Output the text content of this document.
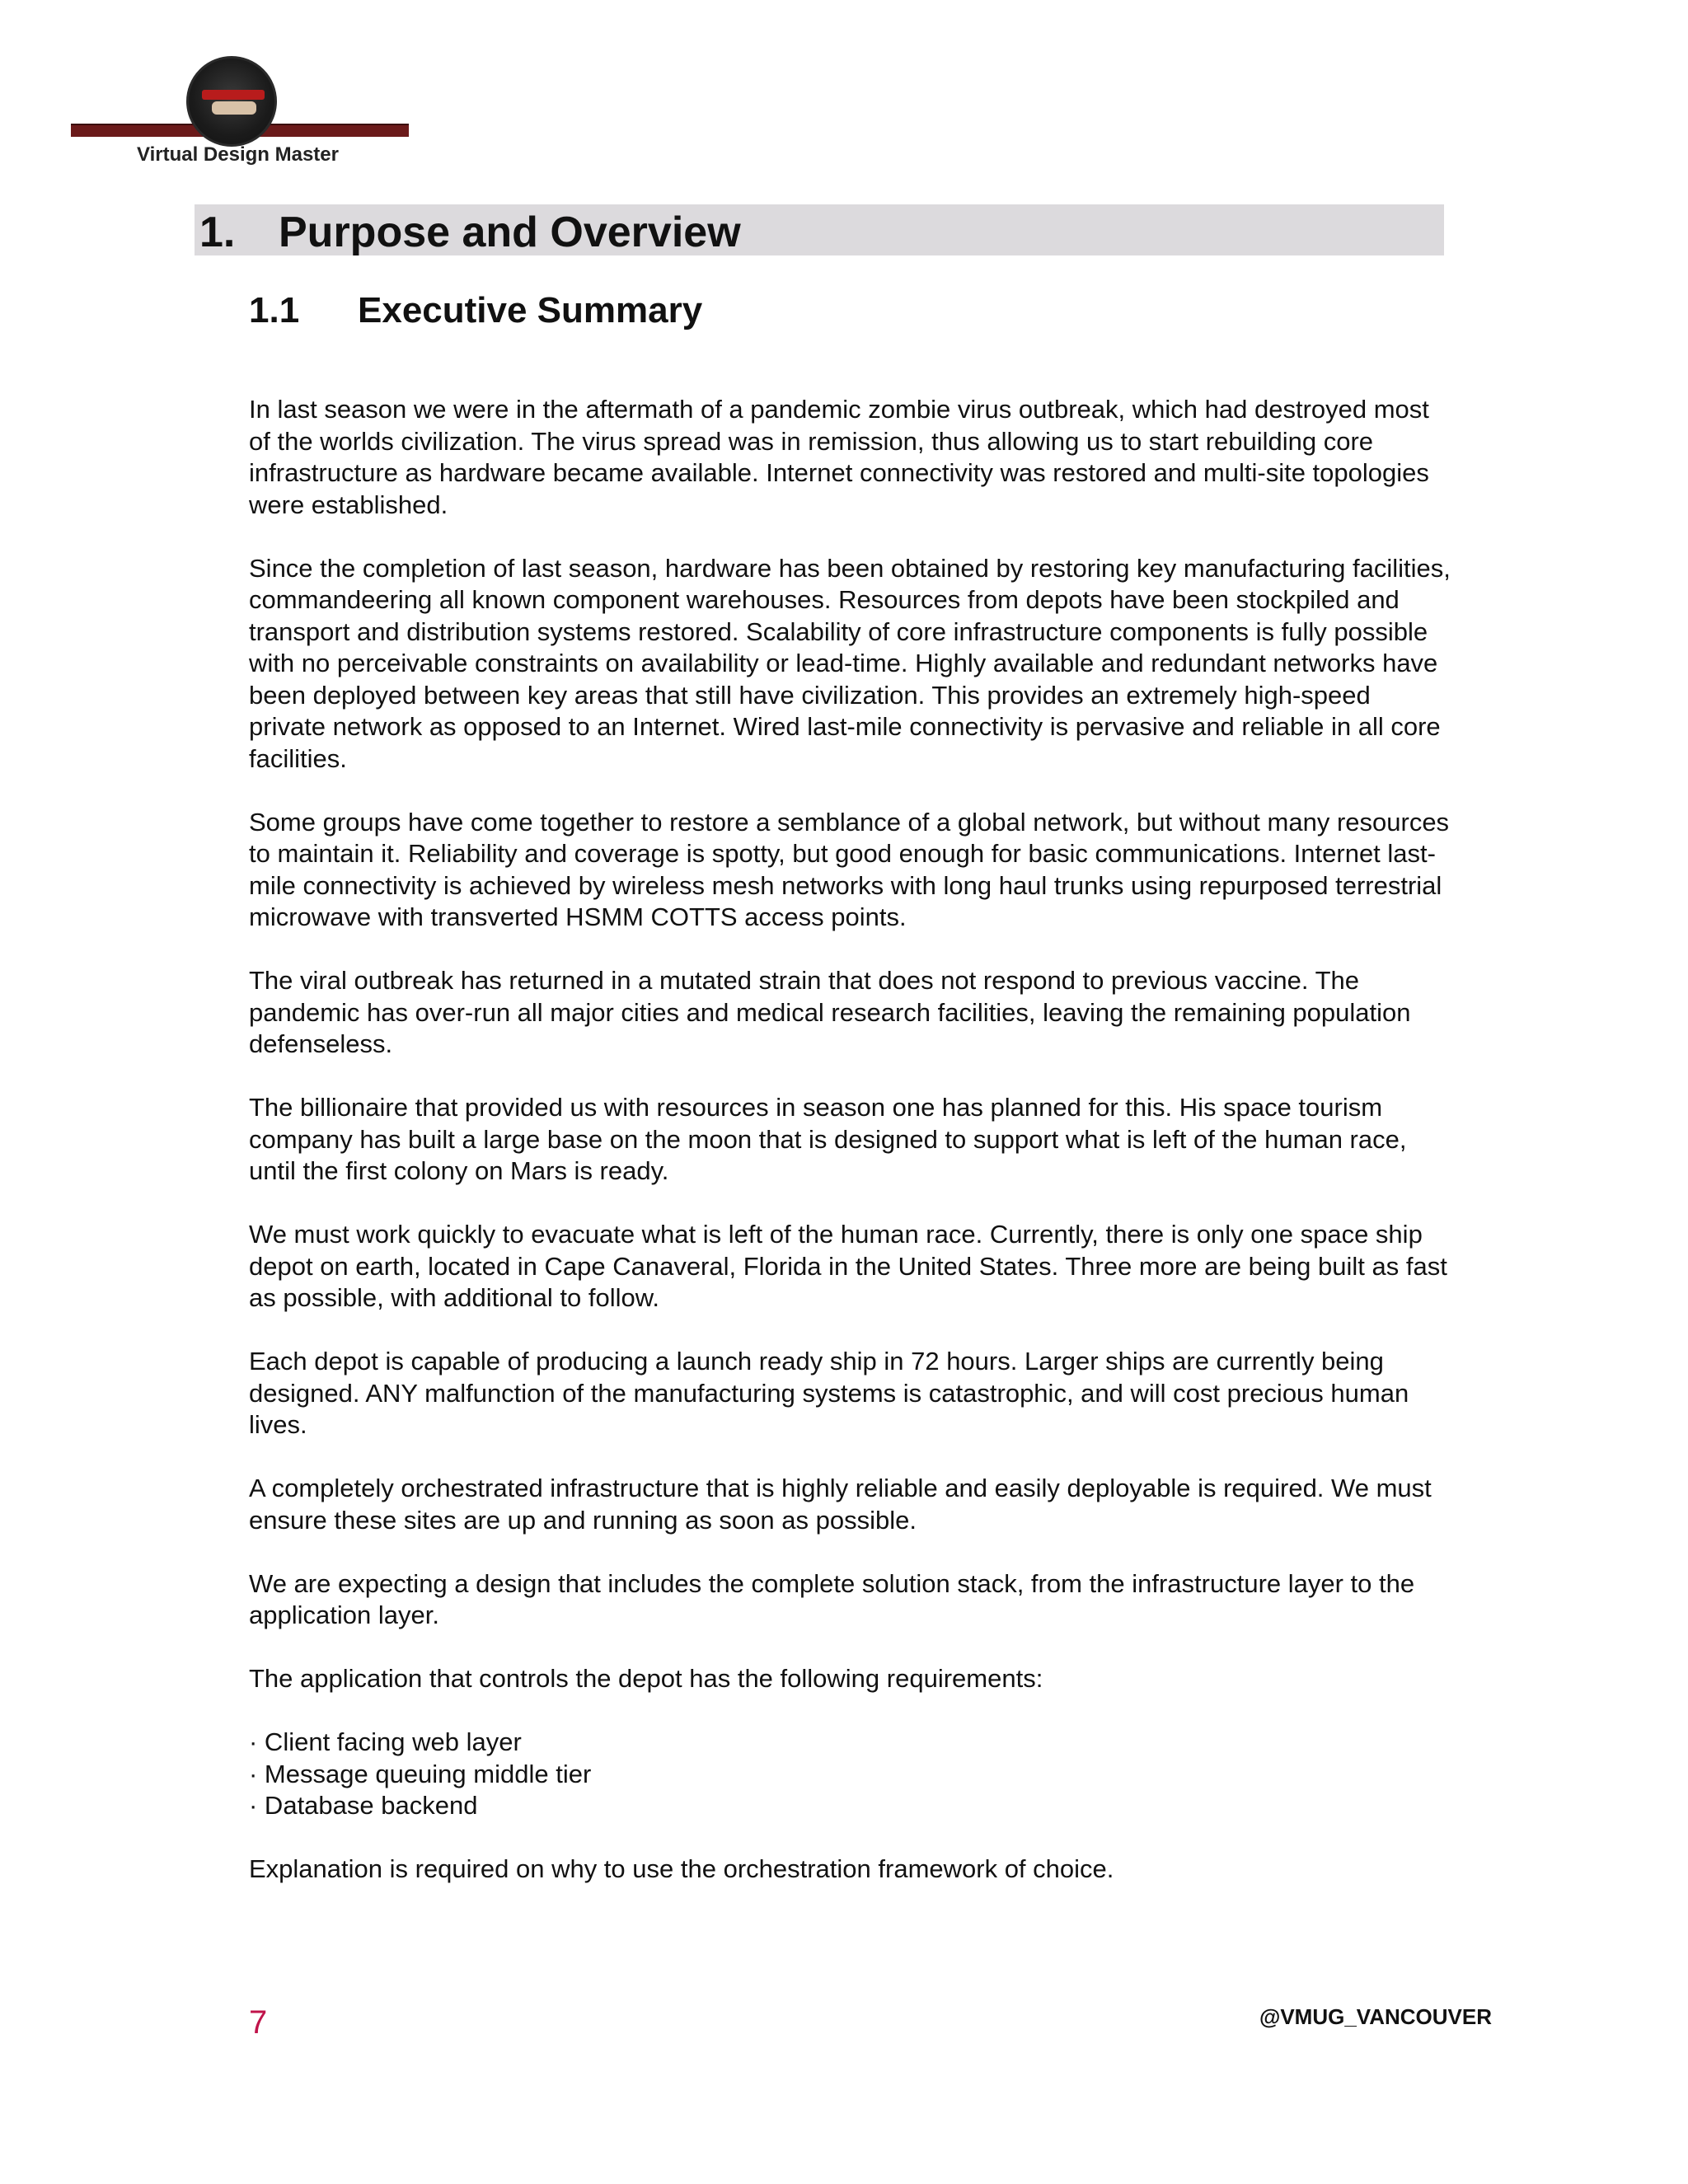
Virtual Design Master
1. Purpose and Overview
1.1 Executive Summary

In last season we were in the aftermath of a pandemic zombie virus outbreak, which had destroyed most of the worlds civilization. The virus spread was in remission, thus allowing us to start rebuilding core infrastructure as hardware became available. Internet connectivity was restored and multi-site topologies were established.

Since the completion of last season, hardware has been obtained by restoring key manufacturing facilities, commandeering all known component warehouses. Resources from depots have been stockpiled and transport and distribution systems restored. Scalability of core infrastructure components is fully possible with no perceivable constraints on availability or lead-time. Highly available and redundant networks have been deployed between key areas that still have civilization. This provides an extremely high-speed private network as opposed to an Internet. Wired last-mile connectivity is pervasive and reliable in all core facilities.

Some groups have come together to restore a semblance of a global network, but without many resources to maintain it. Reliability and coverage is spotty, but good enough for basic communications. Internet last-mile connectivity is achieved by wireless mesh networks with long haul trunks using repurposed terrestrial microwave with transverted HSMM COTTS access points.

The viral outbreak has returned in a mutated strain that does not respond to previous vaccine. The pandemic has over-run all major cities and medical research facilities, leaving the remaining population defenseless.

The billionaire that provided us with resources in season one has planned for this. His space tourism company has built a large base on the moon that is designed to support what is left of the human race, until the first colony on Mars is ready.

We must work quickly to evacuate what is left of the human race. Currently, there is only one space ship depot on earth, located in Cape Canaveral, Florida in the United States. Three more are being built as fast as possible, with additional to follow.

Each depot is capable of producing a launch ready ship in 72 hours. Larger ships are currently being designed. ANY malfunction of the manufacturing systems is catastrophic, and will cost precious human lives.

A completely orchestrated infrastructure that is highly reliable and easily deployable is required. We must ensure these sites are up and running as soon as possible.

We are expecting a design that includes the complete solution stack, from the infrastructure layer to the application layer.

The application that controls the depot has the following requirements:

· Client facing web layer
· Message queuing middle tier
· Database backend

Explanation is required on why to use the orchestration framework of choice.

7	@VMUG_VANCOUVER
